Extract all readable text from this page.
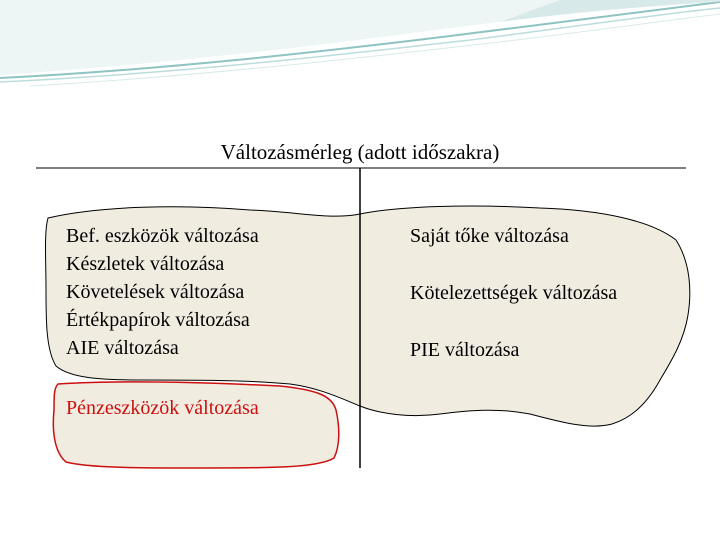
Változásmérleg (adott időszakra)
Bef. eszközök változása
Készletek változása
Követelések változása
Értékpapírok változása
AIE változása
Saját tőke változása
Kötelezettségek változása
PIE változása
Pénzeszközök változása
